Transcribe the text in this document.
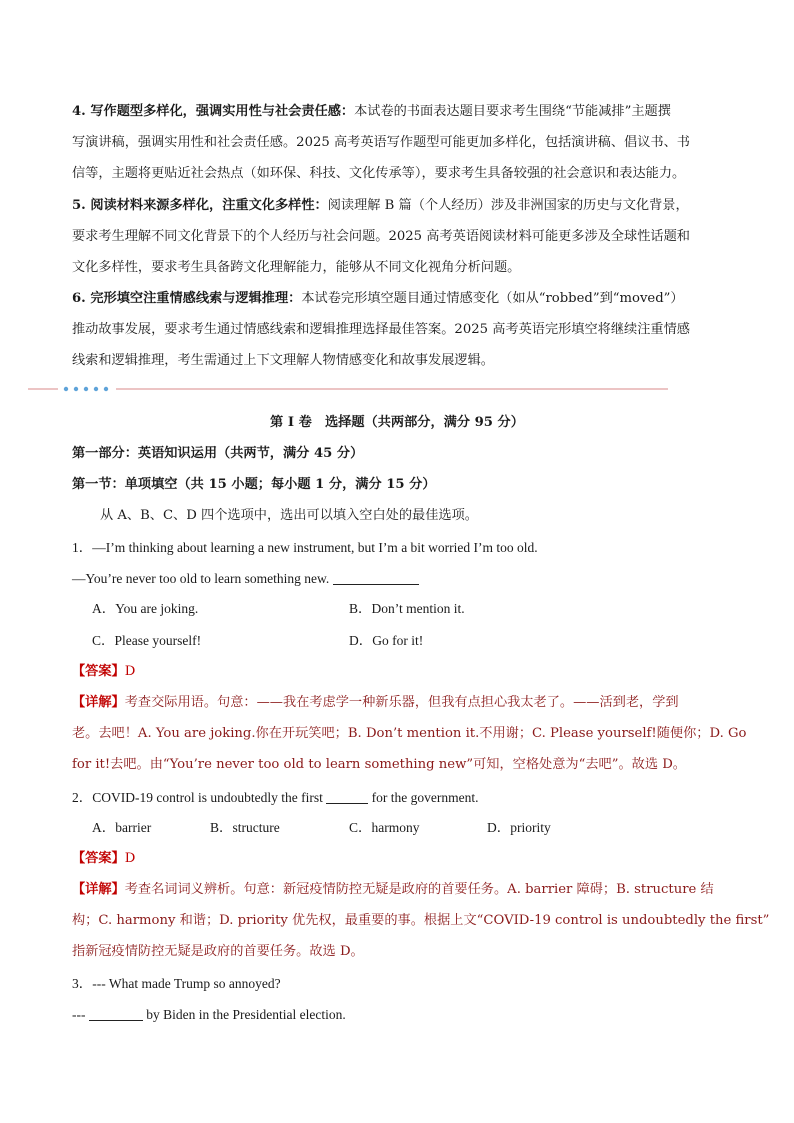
4. 写作题型多样化，强调实用性与社会责任感：本试卷的书面表达题目要求考生围绕“节能减排”主题撰
写演讲稿，强调实用性和社会责任感。2025 高考英语写作题型可能更加多样化，包括演讲稿、倡议书、书
信等，主题将更贴近社会热点（如环保、科技、文化传承等），要求考生具备较强的社会意识和表达能力。
5. 阅读材料来源多样化，注重文化多样性：阅读理解 B 篇（个人经历）涉及非洲国家的历史与文化背景，
要求考生理解不同文化背景下的个人经历与社会问题。2025 高考英语阅读材料可能更多涉及全球性话题和
文化多样性，要求考生具备跨文化理解能力，能够从不同文化视角分析问题。
6. 完形填空注重情感线索与逻辑推理：本试卷完形填空题目通过情感变化（如从“robbed”到“moved”）
推动故事发展，要求考生通过情感线索和逻辑推理选择最佳答案。2025 高考英语完形填空将继续注重情感
线索和逻辑推理，考生需通过上下文理解人物情感变化和故事发展逻辑。
第 I 卷　选择题（共两部分，满分 95 分）
第一部分：英语知识运用（共两节，满分 45 分）
第一节：单项填空（共 15 小题；每小题 1 分，满分 15 分）
从 A、B、C、D 四个选项中，选出可以填入空白处的最佳选项。
1．—I’m thinking about learning a new instrument, but I’m a bit worried I’m too old.
—You’re never too old to learn something new.
A．You are joking.	B．Don’t mention it.
C．Please yourself!	D．Go for it!
【答案】D
【详解】考查交际用语。句意：——我在考虑学一种新乐器，但我有点担心我太老了。——活到老，学到
老。去吧！A. You are joking.你在开玩笑吧；B. Don’t mention it.不用谢；C. Please yourself!随便你；D. Go
for it!去吧。由“You’re never too old to learn something new”可知，空格处意为“去吧”。故选 D。
2．COVID-19 control is undoubtedly the first	for the government.
A．barrier	B．structure	C．harmony	D．priority
【答案】D
【详解】考查名词词义辨析。句意：新冠疫情防控无疑是政府的首要任务。A. barrier 障碍；B. structure 结
构；C. harmony 和谐；D. priority 优先权，最重要的事。根据上文“COVID-19 control is undoubtedly the first”
指新冠疫情防控无疑是政府的首要任务。故选 D。
3．--- What made Trump so annoyed?
---	by Biden in the Presidential election.
